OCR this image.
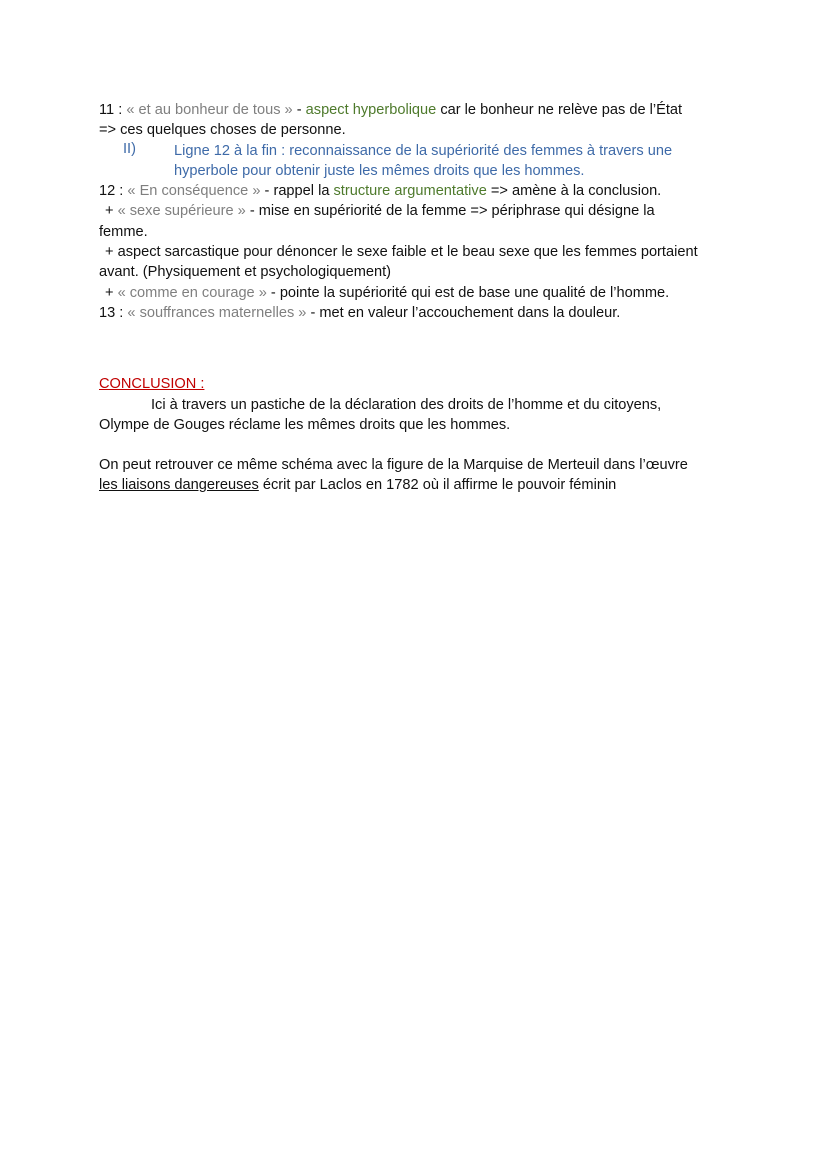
11 : « et au bonheur de tous » - aspect hyperbolique car le bonheur ne relève pas de l’État
=> ces quelques choses de personne.
II)	Ligne 12 à la fin : reconnaissance de la supériorité des femmes à travers une
hyperbole pour obtenir juste les mêmes droits que les hommes.
12 : « En conséquence » - rappel la structure argumentative => amène à la conclusion.
+ « sexe supérieure » - mise en supériorité de la femme => périphrase qui désigne la
femme.
+ aspect sarcastique pour dénoncer le sexe faible et le beau sexe que les femmes portaient
avant. (Physiquement et psychologiquement)
+ « comme en courage » - pointe la supériorité qui est de base une qualité de l’homme.
13 : « souffrances maternelles » - met en valeur l’accouchement dans la douleur.
CONCLUSION :
Ici à travers un pastiche de la déclaration des droits de l’homme et du citoyens,
Olympe de Gouges réclame les mêmes droits que les hommes.
On peut retrouver ce même schéma avec la figure de la Marquise de Merteuil dans l’œuvre
les liaisons dangereuses écrit par Laclos en 1782 où il affirme le pouvoir féminin
